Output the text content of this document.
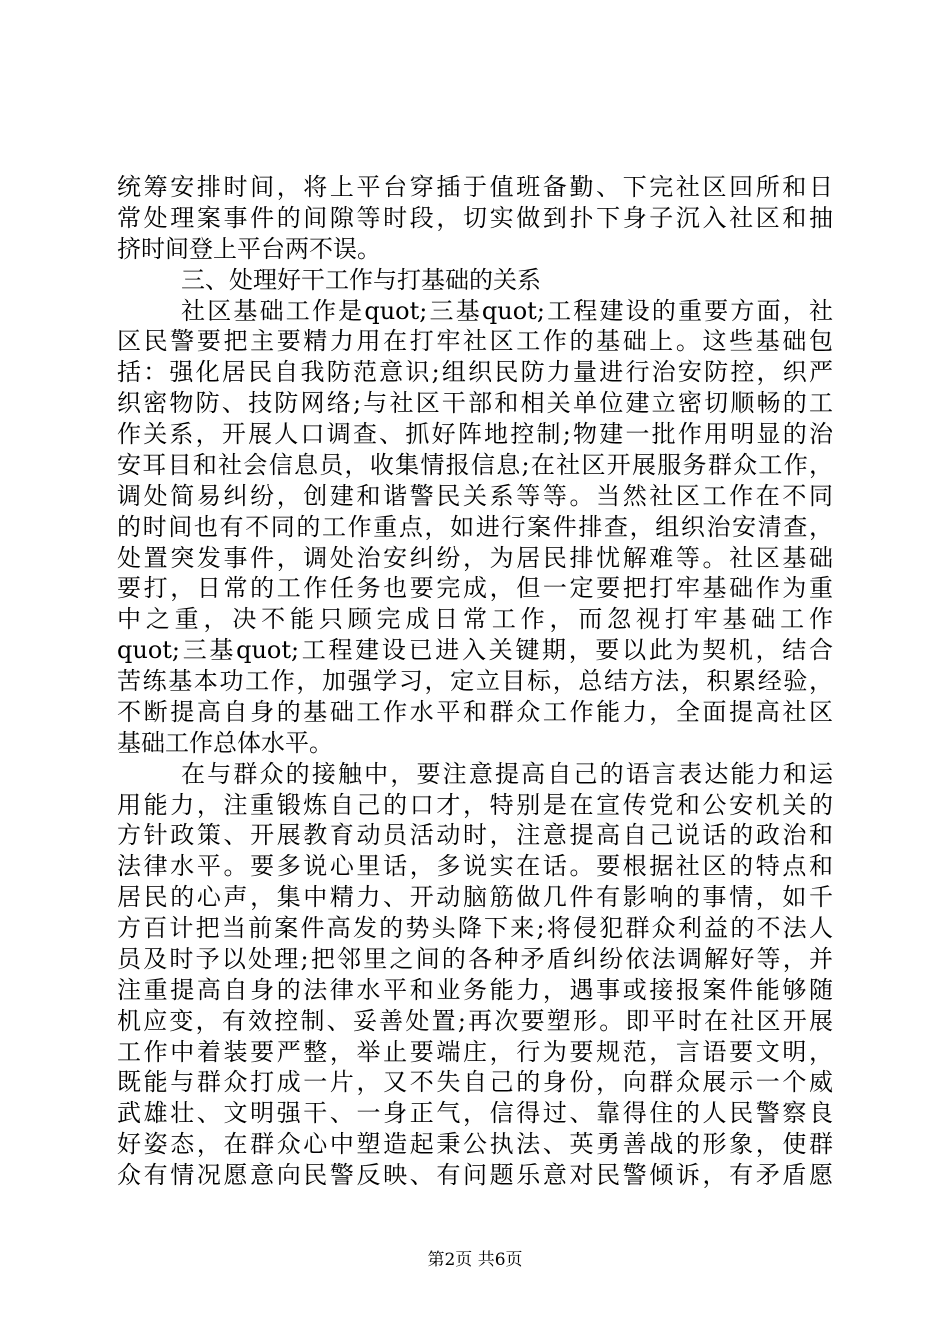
统筹安排时间，将上平台穿插于值班备勤、下完社区回所和日
常处理案事件的间隙等时段，切实做到扑下身子沉入社区和抽
挤时间登上平台两不误。
三、处理好干工作与打基础的关系
社区基础工作是quot;三基quot;工程建设的重要方面，社
区民警要把主要精力用在打牢社区工作的基础上。这些基础包
括：强化居民自我防范意识;组织民防力量进行治安防控，织严
织密物防、技防网络;与社区干部和相关单位建立密切顺畅的工
作关系，开展人口调查、抓好阵地控制;物建一批作用明显的治
安耳目和社会信息员，收集情报信息;在社区开展服务群众工作，
调处简易纠纷，创建和谐警民关系等等。当然社区工作在不同
的时间也有不同的工作重点，如进行案件排查，组织治安清查，
处置突发事件，调处治安纠纷，为居民排忧解难等。社区基础
要打，日常的工作任务也要完成，但一定要把打牢基础作为重
中之重，决不能只顾完成日常工作，而忽视打牢基础工作
quot;三基quot;工程建设已进入关键期，要以此为契机，结合
苦练基本功工作，加强学习，定立目标，总结方法，积累经验，
不断提高自身的基础工作水平和群众工作能力，全面提高社区
基础工作总体水平。
在与群众的接触中，要注意提高自己的语言表达能力和运
用能力，注重锻炼自己的口才，特别是在宣传党和公安机关的
方针政策、开展教育动员活动时，注意提高自己说话的政治和
法律水平。要多说心里话，多说实在话。要根据社区的特点和
居民的心声，集中精力、开动脑筋做几件有影响的事情，如千
方百计把当前案件高发的势头降下来;将侵犯群众利益的不法人
员及时予以处理;把邻里之间的各种矛盾纠纷依法调解好等，并
注重提高自身的法律水平和业务能力，遇事或接报案件能够随
机应变，有效控制、妥善处置;再次要塑形。即平时在社区开展
工作中着装要严整，举止要端庄，行为要规范，言语要文明，
既能与群众打成一片，又不失自己的身份，向群众展示一个威
武雄壮、文明强干、一身正气，信得过、靠得住的人民警察良
好姿态，在群众心中塑造起秉公执法、英勇善战的形象，使群
众有情况愿意向民警反映、有问题乐意对民警倾诉，有矛盾愿
第2页 共6页
